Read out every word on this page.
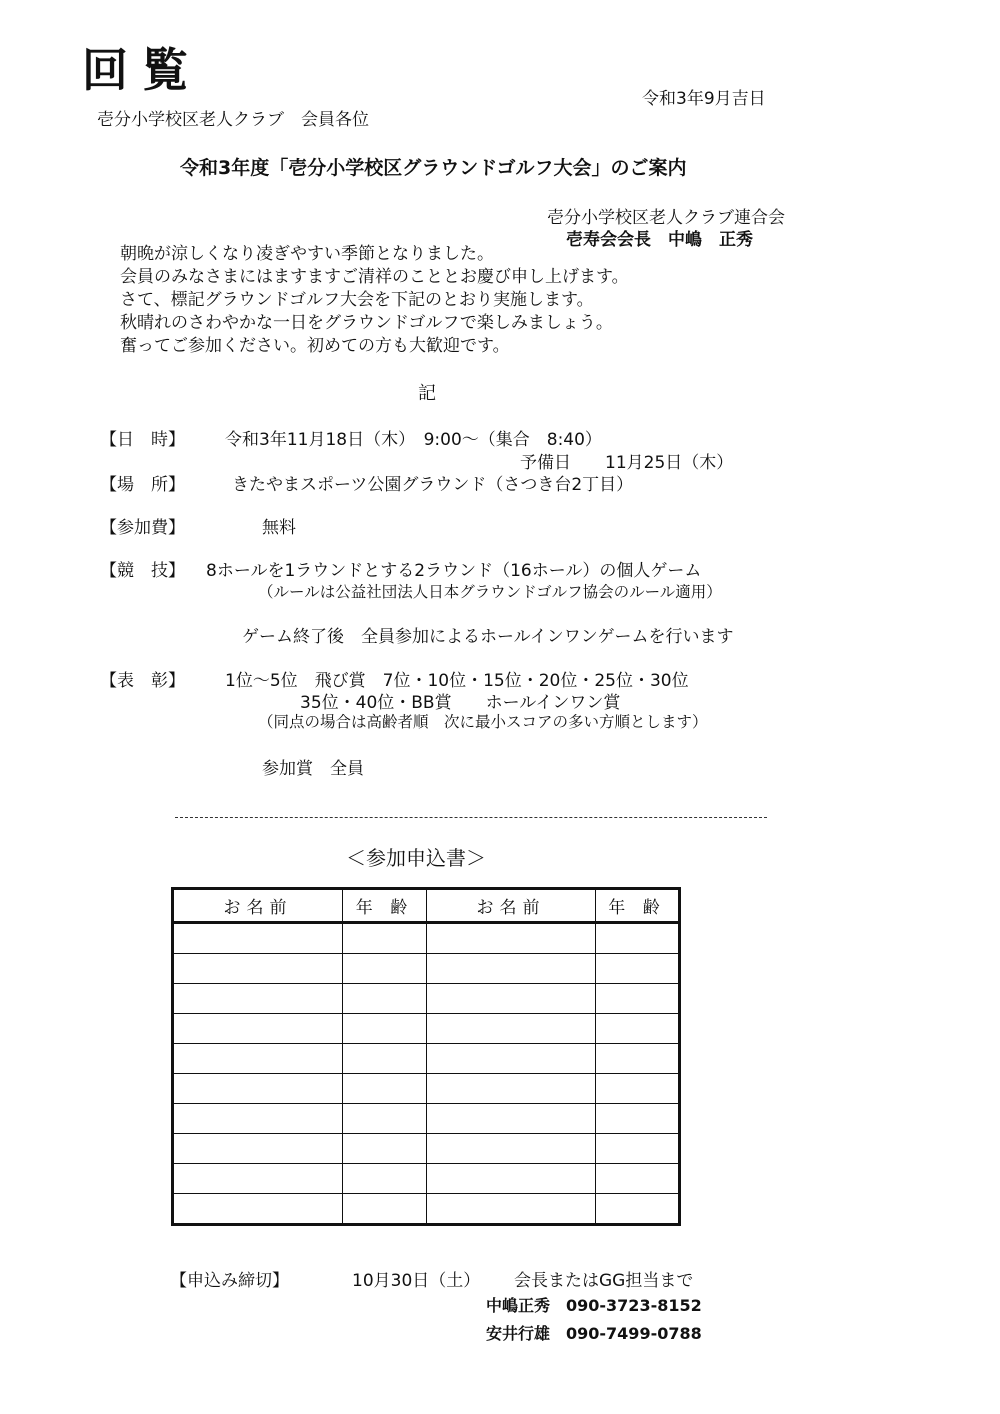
回覧
令和3年9月吉日
壱分小学校区老人クラブ　会員各位
令和3年度「壱分小学校区グラウンドゴルフ大会」のご案内
壱分小学校区老人クラブ連合会
壱寿会会長　中嶋　正秀
朝晩が涼しくなり凌ぎやすい季節となりました。
会員のみなさまにはますますご清祥のこととお慶び申し上げます。
さて、標記グラウンドゴルフ大会を下記のとおり実施します。
秋晴れのさわやかな一日をグラウンドゴルフで楽しみましょう。
奮ってご参加ください。初めての方も大歓迎です。
記
【日　時】 令和3年11月18日（木）　9:00～（集合　8:40）
予備日　　11月25日（木）
【場　所】	きたやまスポーツ公園グラウンド（さつき台2丁目）
【参加費】	無料
【競　技】 8ホールを1ラウンドとする2ラウンド（16ホール）の個人ゲーム
（ルールは公益社団法人日本グラウンドゴルフ協会のルール適用）
ゲーム終了後　全員参加によるホールインワンゲームを行います
【表　彰】 1位～5位　飛び賞　7位・10位・15位・20位・25位・30位
35位・40位・BB賞　　ホールインワン賞
（同点の場合は高齢者順　次に最小スコアの多い方順とします）
参加賞　全員
＜参加申込書＞
お名前	年 齢	お名前	年 齢

【申込み締切】	10月30日（土） 会長またはGG担当まで
中嶋正秀　090-3723-8152
安井行雄　090-7499-0788
